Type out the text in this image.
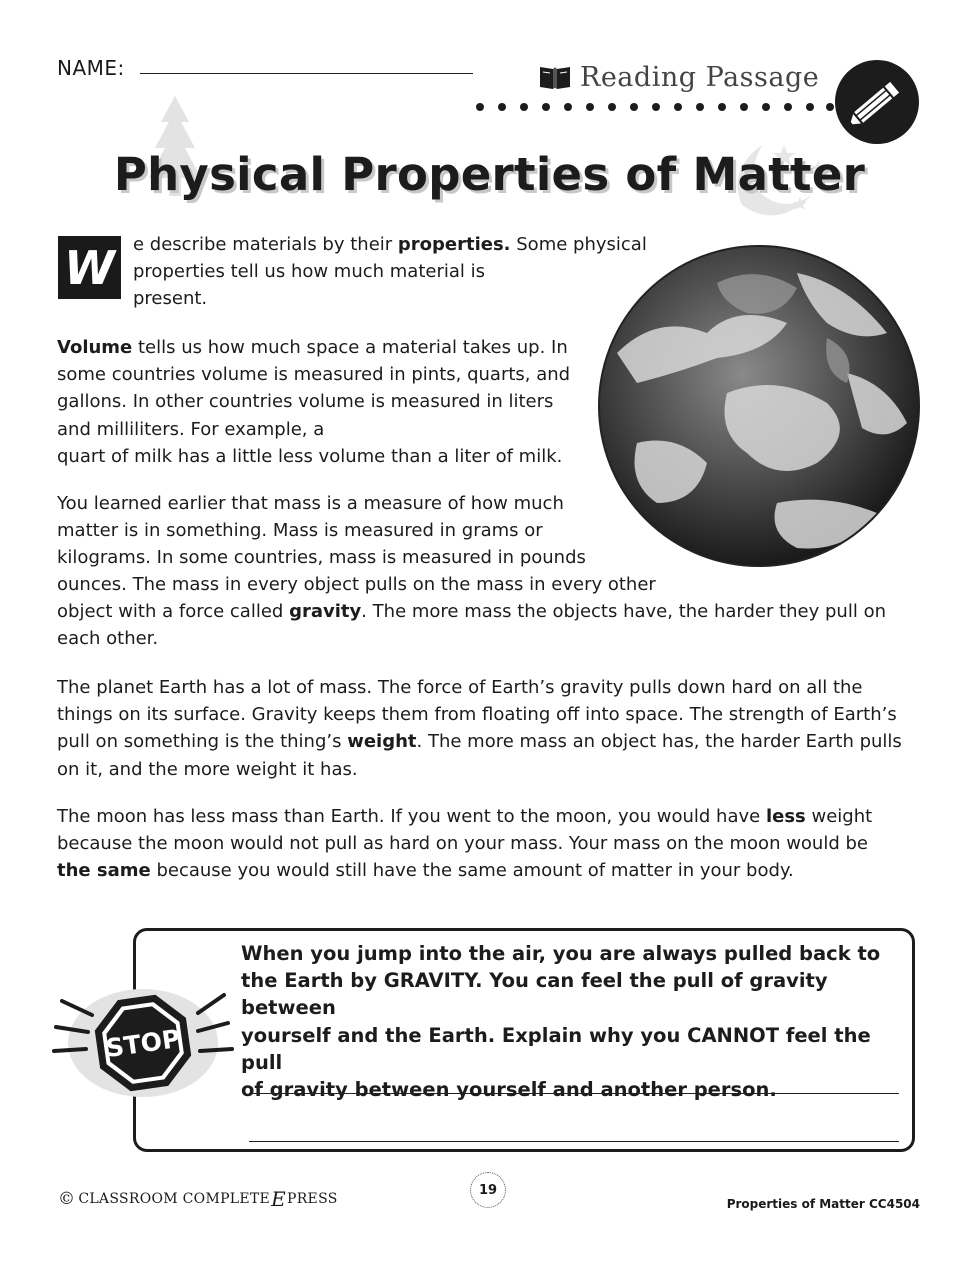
NAME:	Reading Passage
Physical Properties of Matter
W	e describe materials by their properties. Some physical
properties tell us how much material is
present.
Volume tells us how much space a material takes up. In
some countries volume is measured in pints, quarts, and
gallons. In other countries volume is measured in liters
and milliliters. For example, a
quart of milk has a little less volume than a liter of milk.
You learned earlier that mass is a measure of how much
matter is in something. Mass is measured in grams or
kilograms. In some countries, mass is measured in pounds
ounces. The mass in every object pulls on the mass in every other
object with a force called gravity. The more mass the objects have, the harder they pull on
each other.
The planet Earth has a lot of mass. The force of Earth’s gravity pulls down hard on all the
things on its surface. Gravity keeps them from floating off into space. The strength of Earth’s
pull on something is the thing’s weight. The more mass an object has, the harder Earth pulls
on it, and the more weight it has.
The moon has less mass than Earth. If you went to the moon, you would have less weight
because the moon would not pull as hard on your mass. Your mass on the moon would be
the same because you would still have the same amount of matter in your body.
STOP
When you jump into the air, you are always pulled back to
the Earth by GRAVITY. You can feel the pull of gravity between
yourself and the Earth. Explain why you CANNOT feel the pull
of gravity between yourself and another person.
© CLASSROOM COMPLETE E PRESS
19
Properties of Matter CC4504
